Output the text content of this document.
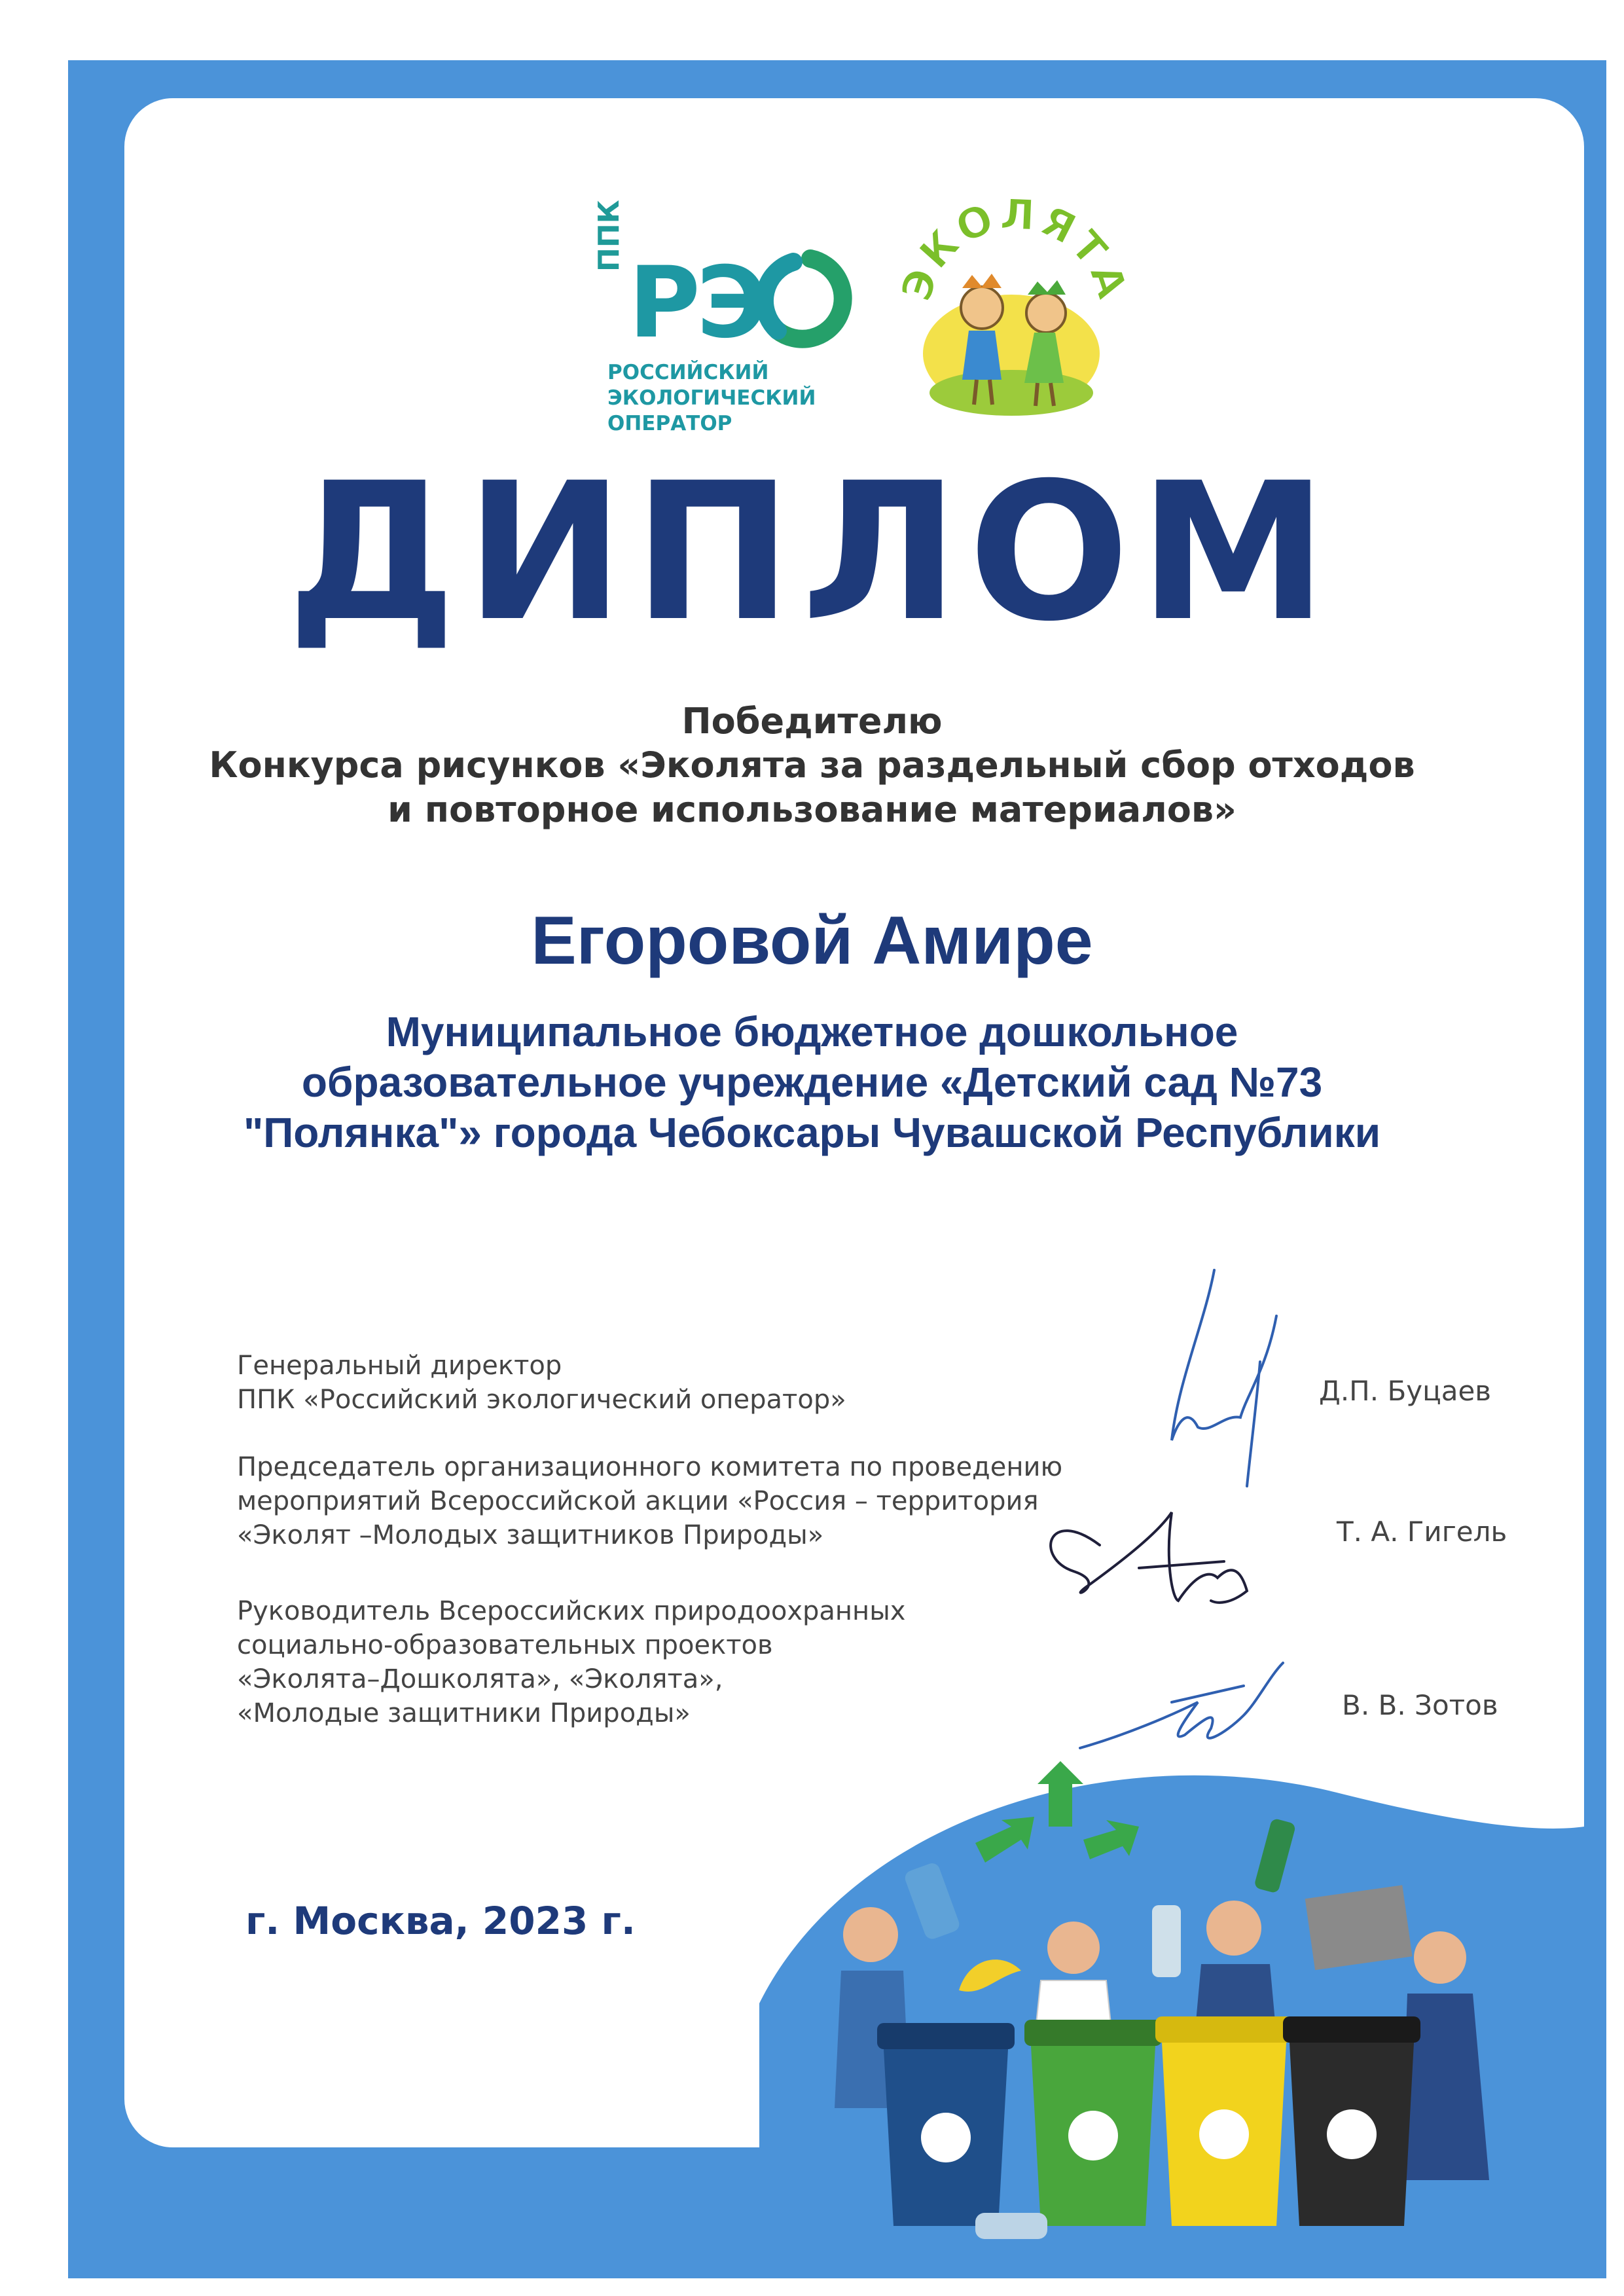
ППК
РЭ
РОССИЙСКИЙ
ЭКОЛОГИЧЕСКИЙ
ОПЕРАТОР
ЭКОЛЯТА
ДИПЛОМ
Победителю
Конкурса рисунков «Эколята за раздельный сбор отходов
и повторное использование материалов»
Егоровой Амире
Муниципальное бюджетное дошкольное
образовательное учреждение «Детский сад №73
"Полянка"» города Чебоксары Чувашской Республики
Генеральный директор
ППК «Российский экологический оператор»	Д.П. Буцаев
Председатель организационного комитета по проведению
мероприятий Всероссийской акции «Россия – территория
«Эколят –Молодых защитников Природы»	Т. А. Гигель
Руководитель Всероссийских природоохранных
социально-образовательных проектов
«Эколята–Дошколята», «Эколята»,
«Молодые защитники Природы»	В. В. Зотов
г. Москва, 2023 г.
